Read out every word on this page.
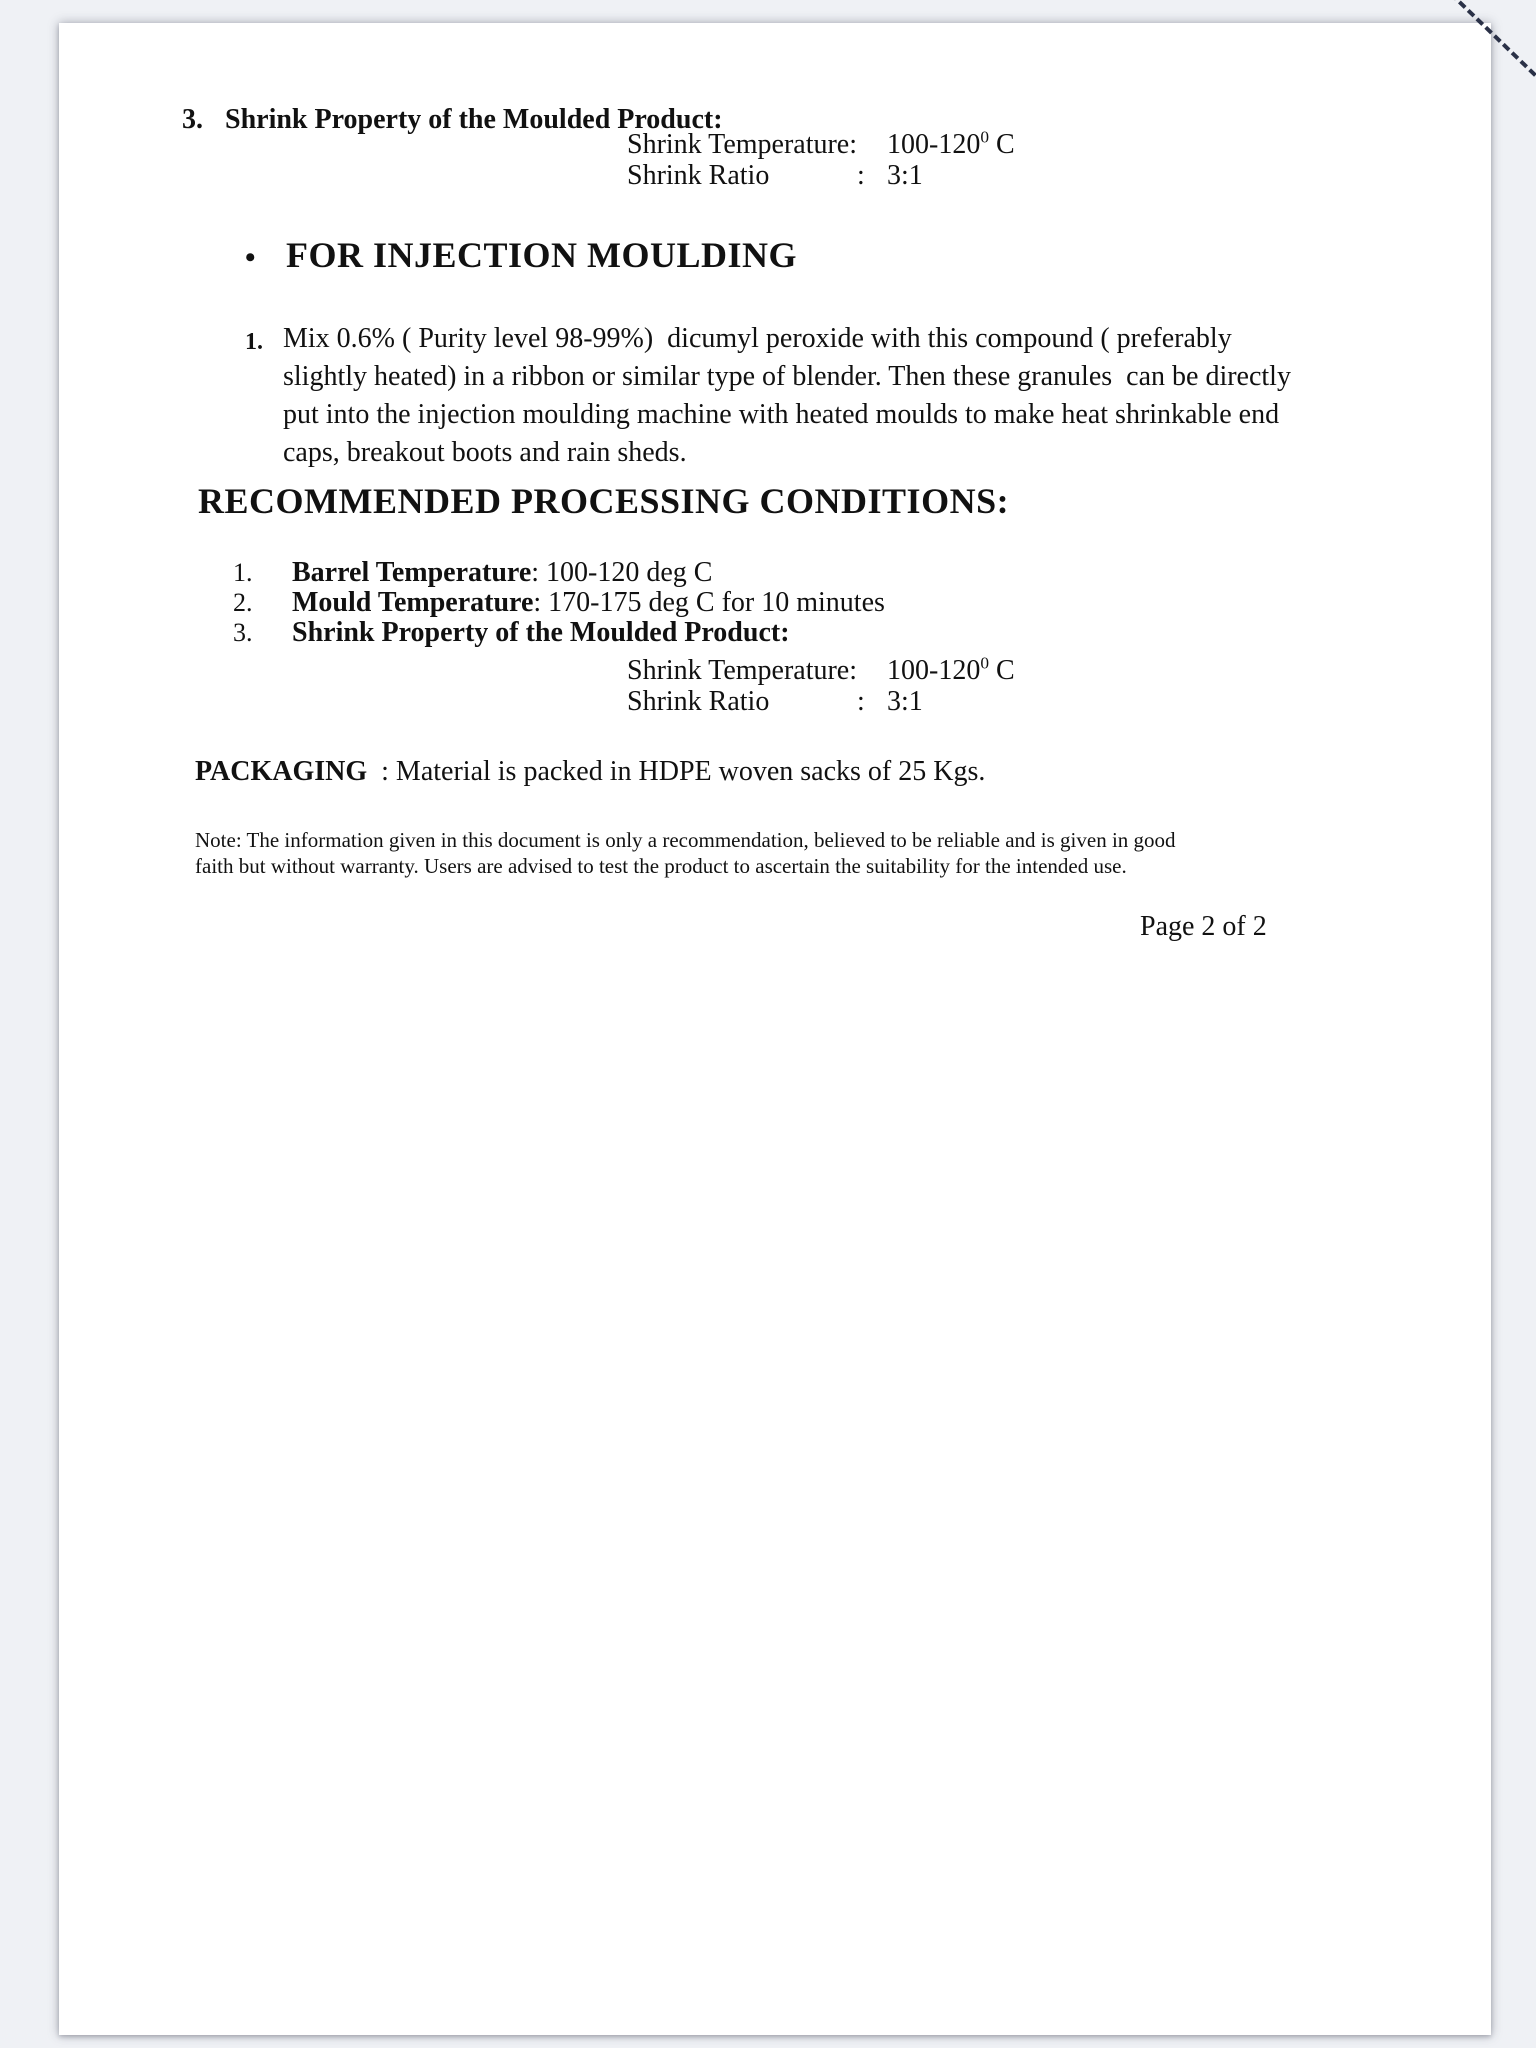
3. Shrink Property of the Moulded Product:
Shrink Temperature: $100-120^0$ C
Shrink Ratio	: 3:1
• FOR INJECTION MOULDING
1. Mix 0.6% ( Purity level 98-99%)  dicumyl peroxide with this compound ( preferably
slightly heated) in a ribbon or similar type of blender. Then these granules  can be directly
put into the injection moulding machine with heated moulds to make heat shrinkable end
caps, breakout boots and rain sheds.
RECOMMENDED PROCESSING CONDITIONS:
1.	Barrel Temperature: 100-120 deg C
2.	Mould Temperature: 170-175 deg C for 10 minutes
3.	Shrink Property of the Moulded Product:
Shrink Temperature: $100-120^0$ C
Shrink Ratio	: 3:1
PACKAGING  : Material is packed in HDPE woven sacks of 25 Kgs.
Note: The information given in this document is only a recommendation, believed to be reliable and is given in good
faith but without warranty. Users are advised to test the product to ascertain the suitability for the intended use.
Page 2 of 2
